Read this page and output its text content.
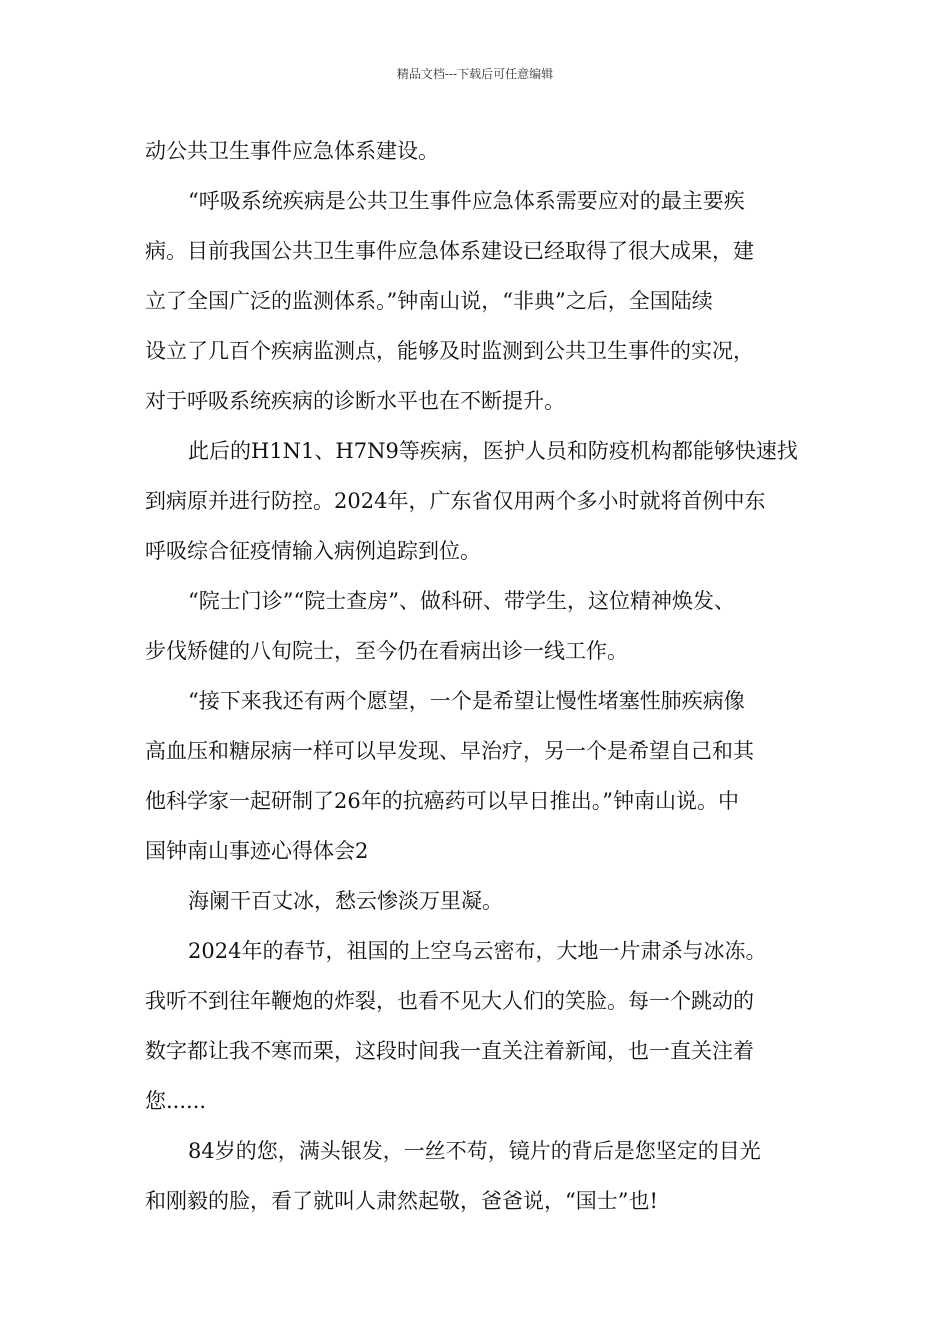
精品文档---下载后可任意编辑
动公共卫生事件应急体系建设。
“呼吸系统疾病是公共卫生事件应急体系需要应对的最主要疾
病。目前我国公共卫生事件应急体系建设已经取得了很大成果，建
立了全国广泛的监测体系。”钟南山说，“非典”之后，全国陆续
设立了几百个疾病监测点，能够及时监测到公共卫生事件的实况，
对于呼吸系统疾病的诊断水平也在不断提升。
此后的H1N1、H7N9等疾病，医护人员和防疫机构都能够快速找
到病原并进行防控。2024年，广东省仅用两个多小时就将首例中东
呼吸综合征疫情输入病例追踪到位。
“院士门诊”“院士查房”、做科研、带学生，这位精神焕发、
步伐矫健的八旬院士，至今仍在看病出诊一线工作。
“接下来我还有两个愿望，一个是希望让慢性堵塞性肺疾病像
高血压和糖尿病一样可以早发现、早治疗，另一个是希望自己和其
他科学家一起研制了26年的抗癌药可以早日推出。”钟南山说。中
国钟南山事迹心得体会2
海阑干百丈冰，愁云惨淡万里凝。
2024年的春节，祖国的上空乌云密布，大地一片肃杀与冰冻。
我听不到往年鞭炮的炸裂，也看不见大人们的笑脸。每一个跳动的
数字都让我不寒而栗，这段时间我一直关注着新闻，也一直关注着
您......
84岁的您，满头银发，一丝不苟，镜片的背后是您坚定的目光
和刚毅的脸，看了就叫人肃然起敬，爸爸说，“国士”也!
